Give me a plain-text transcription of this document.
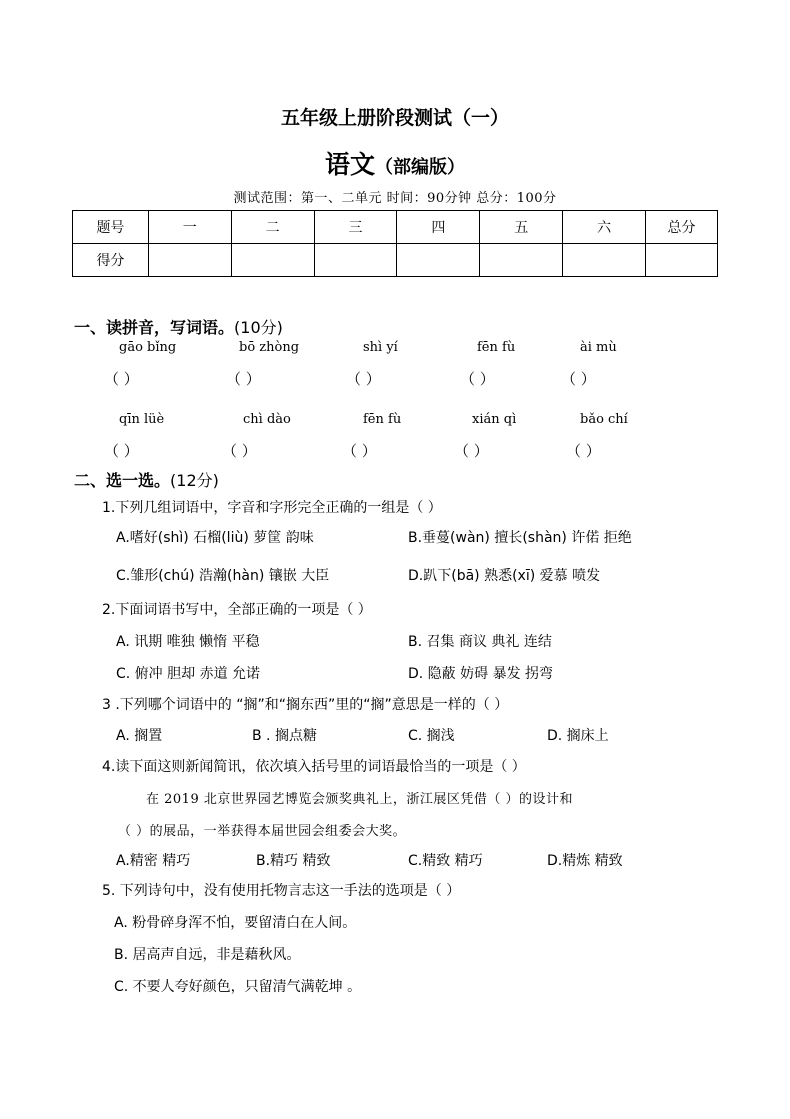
五年级上册阶段测试（一）
语文（部编版）
测试范围：第一、二单元 时间：90分钟 总分：100分
题号	一	二	三	四	五	六	总分
得分							
一、读拼音，写词语。(10分)
gāo bǐng	bō zhòng	shì yí	fēn fù	ài mù
（ ）	（ ）	（ ）	（ ）	（ ）
qīn lüè	chì dào	fēn fù	xián qì	bǎo chí
（ ）	（ ）	（ ）	（ ）	（ ）
二、选一选。(12分)
1.下列几组词语中，字音和字形完全正确的一组是（ ）
A.嗜好(shì) 石榴(liù) 萝筐 韵味	B.垂蔓(wàn) 擅长(shàn) 许偌 拒绝
C.雏形(chú) 浩瀚(hàn) 镶嵌 大臣	D.趴下(bā) 熟悉(xī) 爱慕 喷发
2.下面词语书写中，全部正确的一项是（ ）
A. 讯期 唯独 懒惰 平稳	B. 召集 商议 典礼 连结
C. 俯冲 胆却 赤道 允诺	D. 隐蔽 妨碍 暴发 拐弯
3 .下列哪个词语中的 “搁”和“搁东西”里的“搁”意思是一样的（ ）
A. 搁置	B . 搁点糖	C. 搁浅	D. 搁床上
4.读下面这则新闻简讯，依次填入括号里的词语最恰当的一项是（ ）
在 2019 北京世界园艺博览会颁奖典礼上，浙江展区凭借（ ）的设计和
（ ）的展品，一举获得本届世园会组委会大奖。
A.精密 精巧	B.精巧 精致	C.精致 精巧	D.精炼 精致
5. 下列诗句中，没有使用托物言志这一手法的选项是（ ）
A. 粉骨碎身浑不怕，要留清白在人间。
B. 居高声自远，非是藉秋风。
C. 不要人夸好颜色，只留清气满乾坤 。
